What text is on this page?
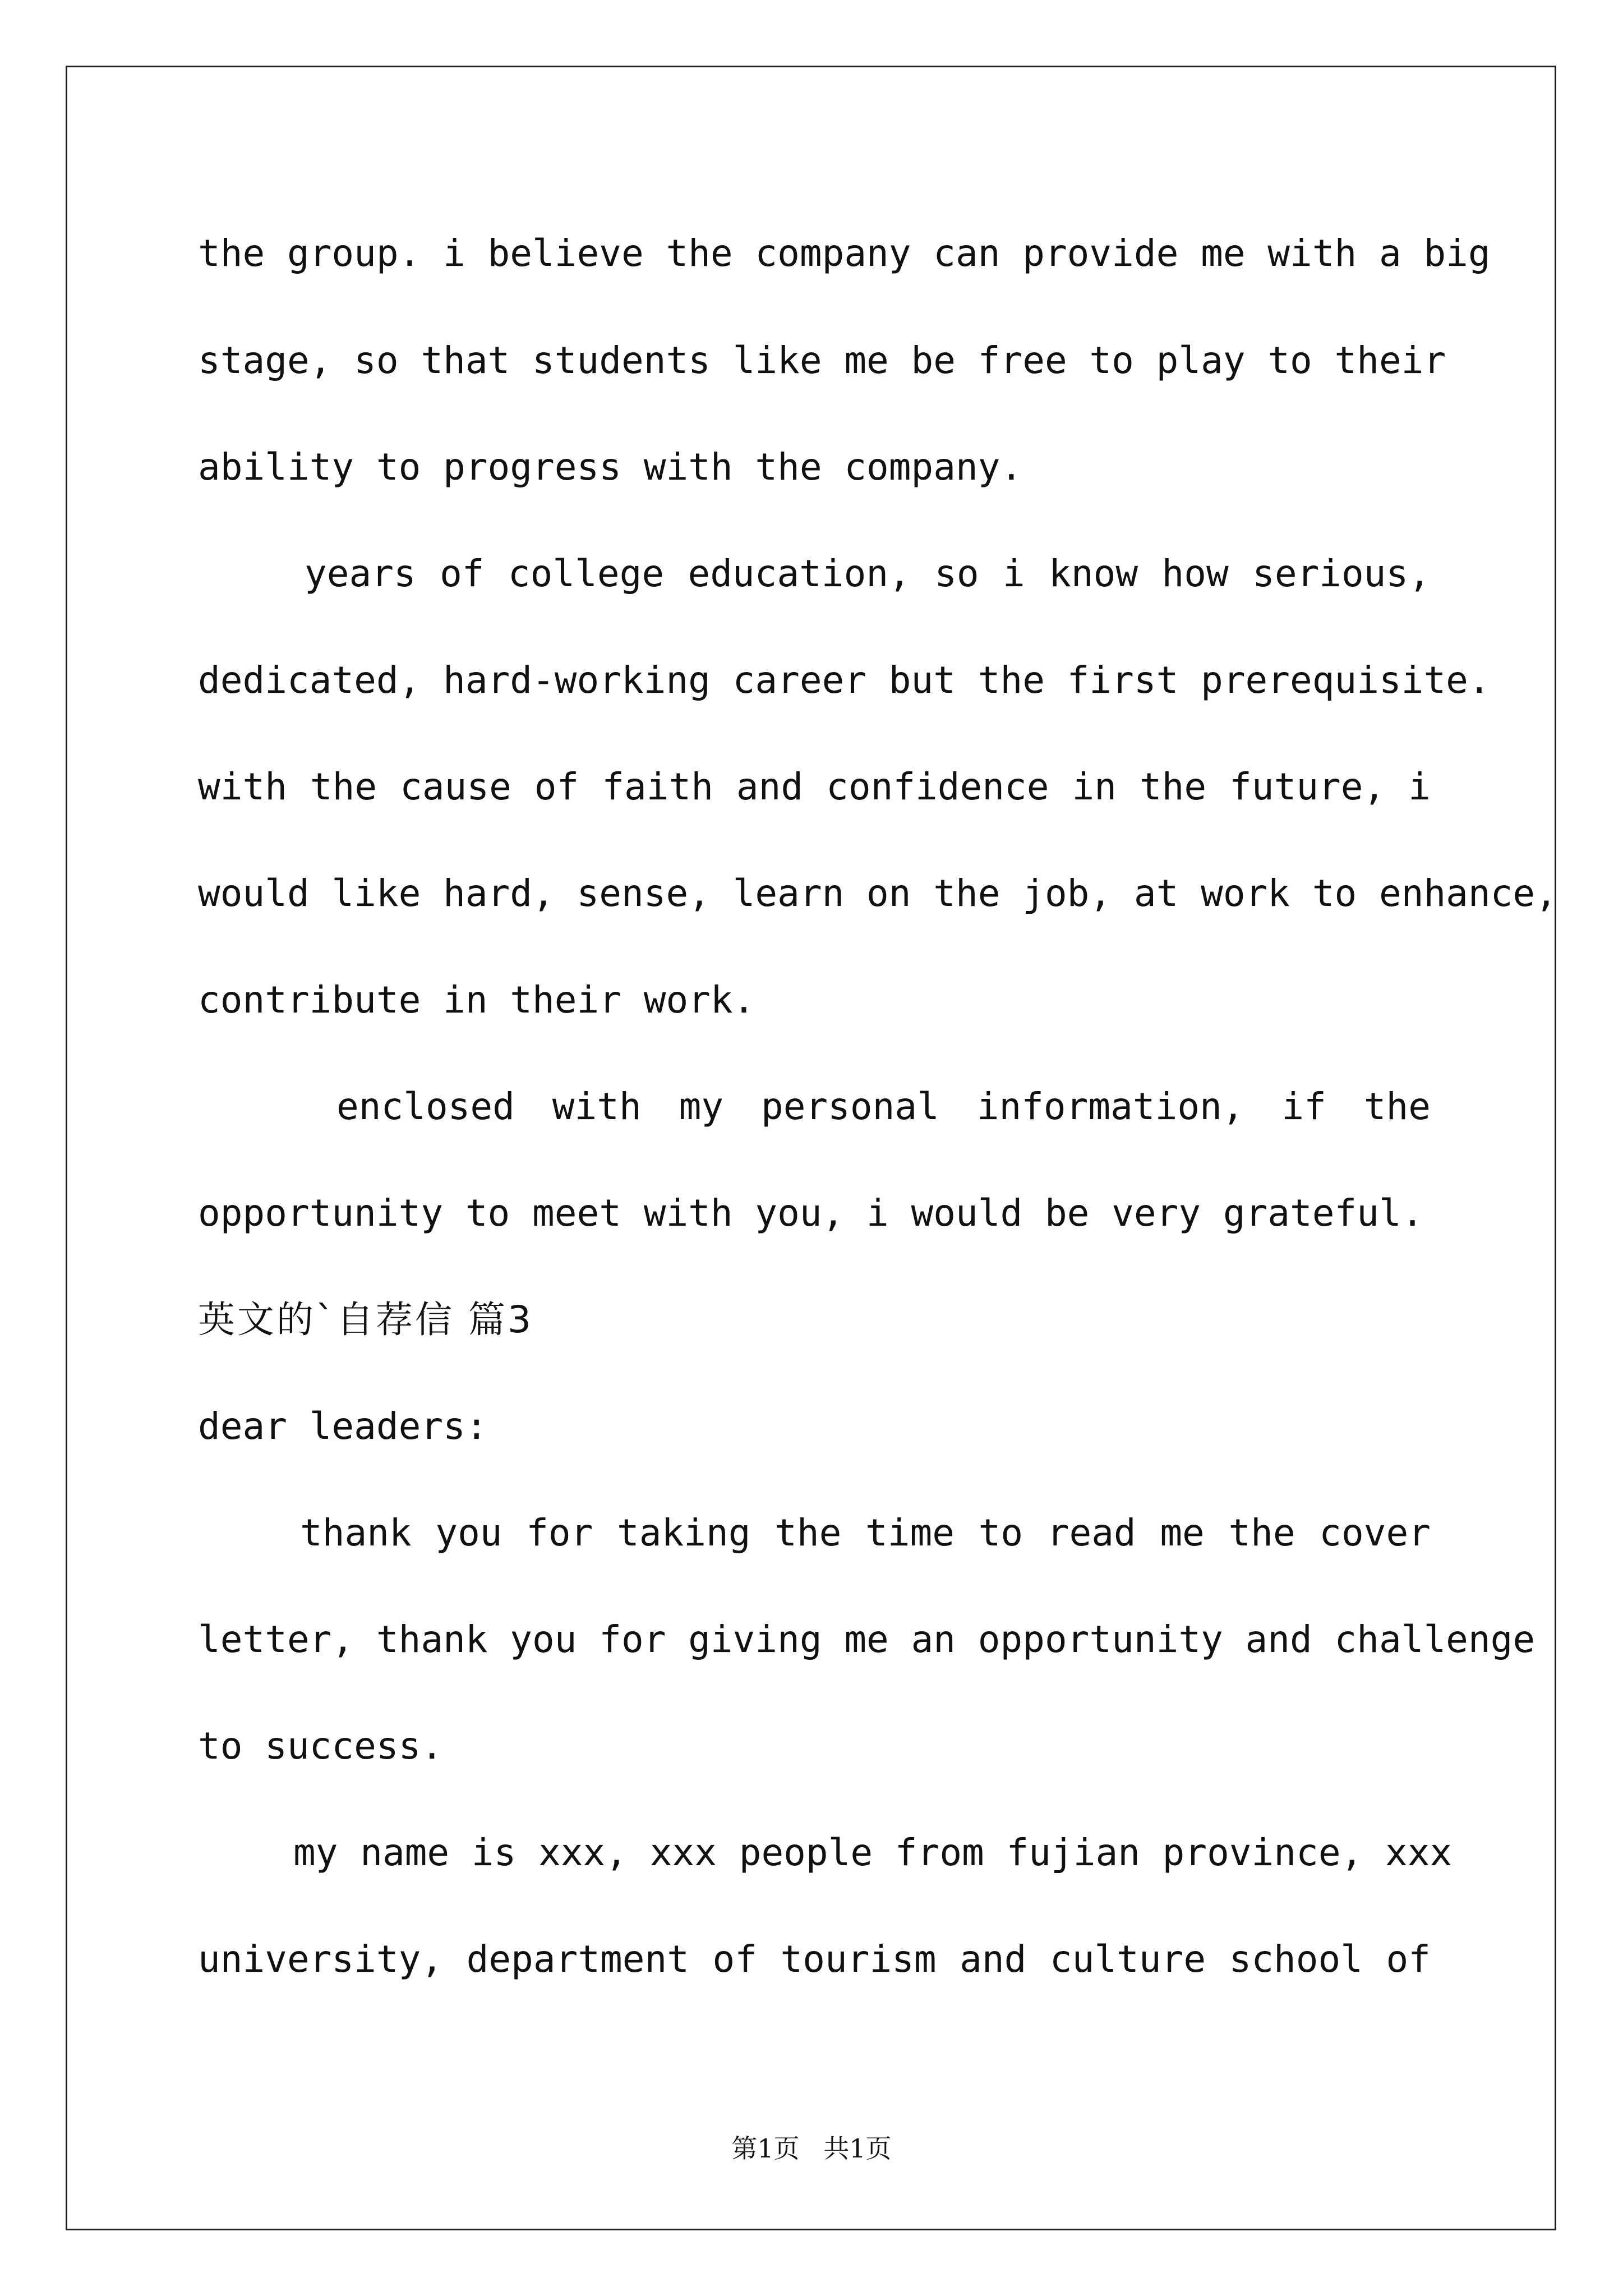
the group. i believe the company can provide me with a big
stage, so that students like me be free to play to their
ability to progress with the company.
years of college education, so i know how serious,
dedicated, hard-working career but the first prerequisite.
with the cause of faith and confidence in the future, i
would like hard, sense, learn on the job, at work to enhance,
contribute in their work.
enclosed with my personal information, if the
opportunity to meet with you, i would be very grateful.
英文的`自荐信 篇3
dear leaders:
thank you for taking the time to read me the cover
letter, thank you for giving me an opportunity and challenge
to success.
my name is xxx, xxx people from fujian province, xxx
university, department of tourism and culture school of
第1页 共1页
